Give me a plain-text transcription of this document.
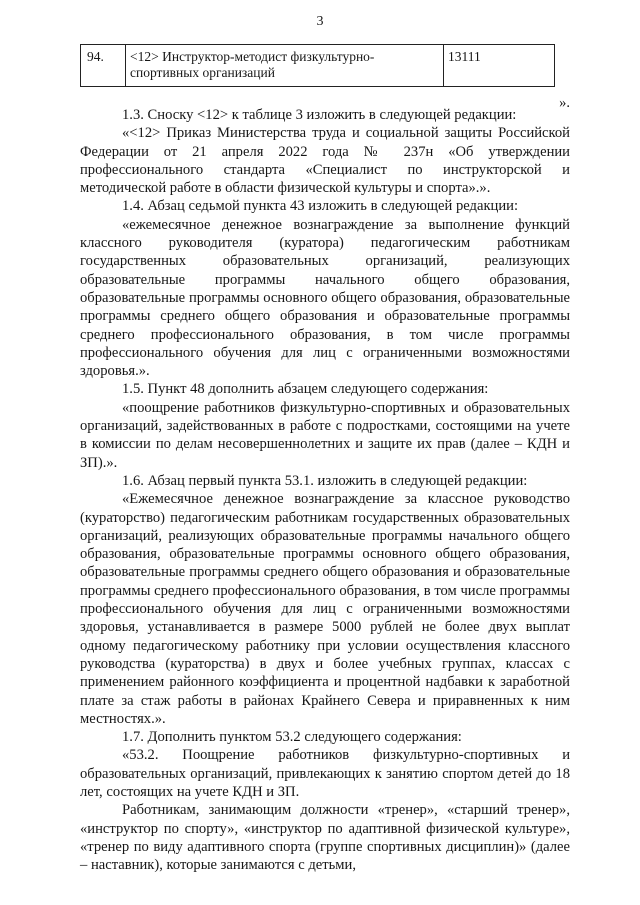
3
94.	<12> Инструктор-методист физкультурно-спортивных организаций	13111
».

1.3. Сноску <12> к таблице 3 изложить в следующей редакции:

«<12> Приказ Министерства труда и социальной защиты Российской Федерации от 21 апреля 2022 года № 237н «Об утверждении профессионального стандарта «Специалист по инструкторской и методической работе в области физической культуры и спорта».».

1.4. Абзац седьмой пункта 43 изложить в следующей редакции:

«ежемесячное денежное вознаграждение за выполнение функций классного руководителя (куратора) педагогическим работникам государственных образовательных организаций, реализующих образовательные программы начального общего образования, образовательные программы основного общего образования, образовательные программы среднего общего образования и образовательные программы среднего профессионального образования, в том числе программы профессионального обучения для лиц с ограниченными возможностями здоровья.».

1.5. Пункт 48 дополнить абзацем следующего содержания:

«поощрение работников физкультурно-спортивных и образовательных организаций, задействованных в работе с подростками, состоящими на учете в комиссии по делам несовершеннолетних и защите их прав (далее – КДН и ЗП).».

1.6. Абзац первый пункта 53.1. изложить в следующей редакции:

«Ежемесячное денежное вознаграждение за классное руководство (кураторство) педагогическим работникам государственных образовательных организаций, реализующих образовательные программы начального общего образования, образовательные программы основного общего образования, образовательные программы среднего общего образования и образовательные программы среднего профессионального образования, в том числе программы профессионального обучения для лиц с ограниченными возможностями здоровья, устанавливается в размере 5000 рублей не более двух выплат одному педагогическому работнику при условии осуществления классного руководства (кураторства) в двух и более учебных группах, классах с применением районного коэффициента и процентной надбавки к заработной плате за стаж работы в районах Крайнего Севера и приравненных к ним местностях.».

1.7. Дополнить пунктом 53.2 следующего содержания:

«53.2. Поощрение работников физкультурно-спортивных и образовательных организаций, привлекающих к занятию спортом детей до 18 лет, состоящих на учете КДН и ЗП.

Работникам, занимающим должности «тренер», «старший тренер», «инструктор по спорту», «инструктор по адаптивной физической культуре», «тренер по виду адаптивного спорта (группе спортивных дисциплин)» (далее – наставник), которые занимаются с детьми,
